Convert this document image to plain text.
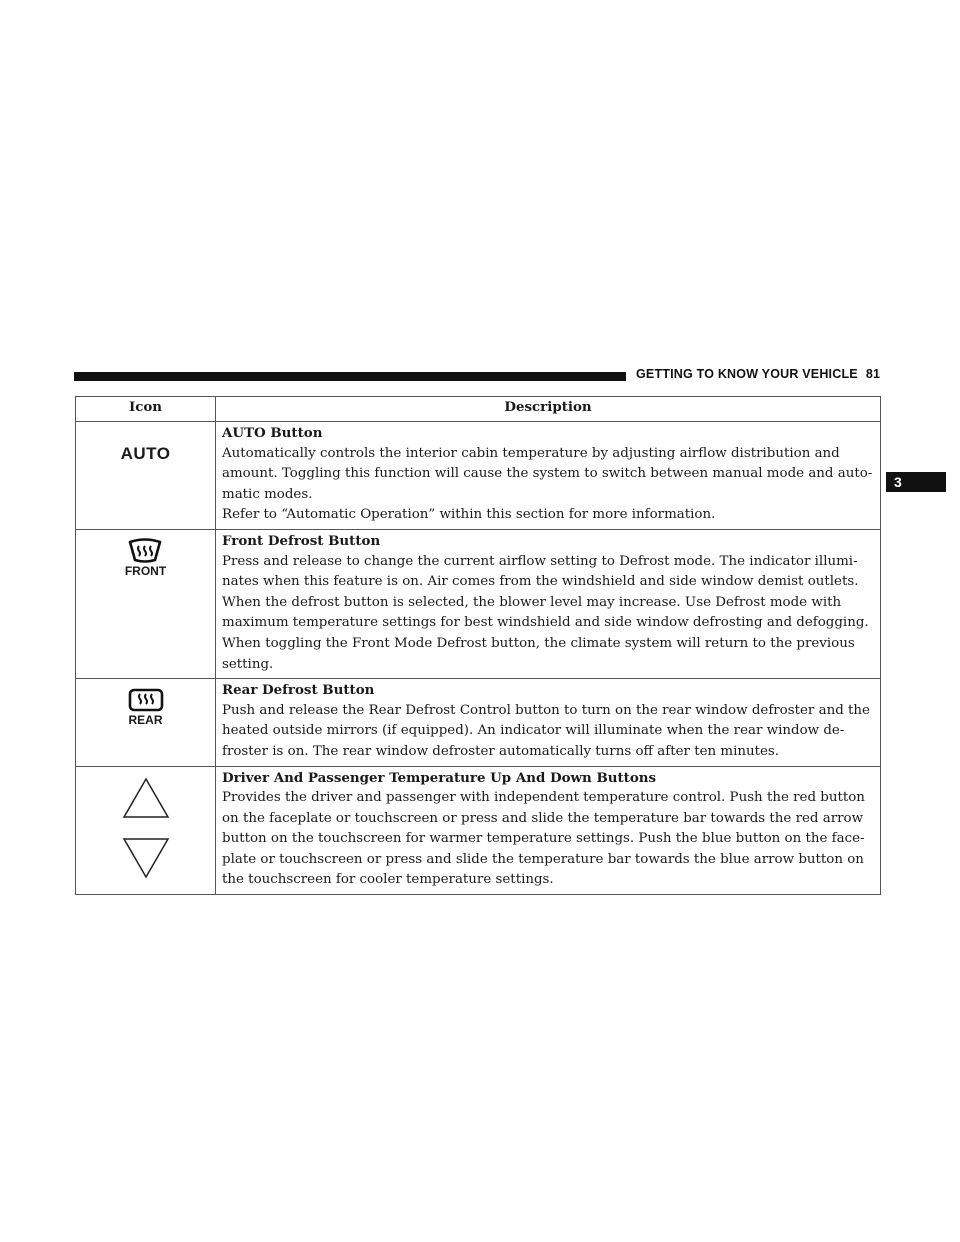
GETTING TO KNOW YOUR VEHICLE 81
3
Icon	Description
AUTO	AUTO Button
Automatically controls the interior cabin temperature by adjusting airflow distribution and amount. Toggling this function will cause the system to switch between manual mode and auto-matic modes.
Refer to “Automatic Operation” within this section for more information.

FRONT	Front Defrost Button
Press and release to change the current airflow setting to Defrost mode. The indicator illumi-nates when this feature is on. Air comes from the windshield and side window demist outlets. When the defrost button is selected, the blower level may increase. Use Defrost mode with maximum temperature settings for best windshield and side window defrosting and defogging. When toggling the Front Mode Defrost button, the climate system will return to the previous setting.

REAR	Rear Defrost Button
Push and release the Rear Defrost Control button to turn on the rear window defroster and the heated outside mirrors (if equipped). An indicator will illuminate when the rear window de-froster is on. The rear window defroster automatically turns off after ten minutes.

Driver And Passenger Temperature Up And Down Buttons
Provides the driver and passenger with independent temperature control. Push the red button on the faceplate or touchscreen or press and slide the temperature bar towards the red arrow button on the touchscreen for warmer temperature settings. Push the blue button on the face-plate or touchscreen or press and slide the temperature bar towards the blue arrow button on the touchscreen for cooler temperature settings.
